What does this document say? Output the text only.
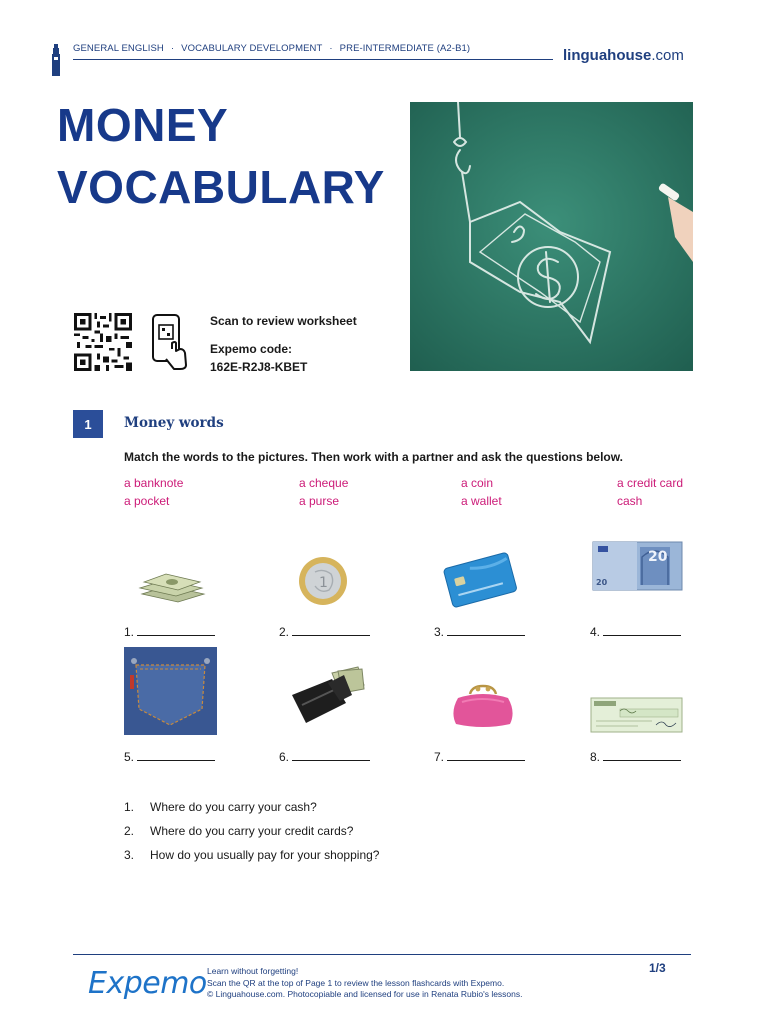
GENERAL ENGLISH · VOCABULARY DEVELOPMENT · PRE-INTERMEDIATE (A2-B1)	linguahouse.com
MONEY
VOCABULARY
Scan to review worksheet
Expemo code:
162E-R2J8-KBET
1	Money words
Match the words to the pictures. Then work with a partner and ask the questions below.
a banknote	a cheque	a coin	a credit card
a pocket	a purse	a wallet	cash
1
20
20
1.	2.	3.	4.
5.	6.	7.	8.
1. Where do you carry your cash?
2. Where do you carry your credit cards?
3. How do you usually pay for your shopping?
Expemo Learn without forgetting!
Scan the QR at the top of Page 1 to review the lesson flashcards with Expemo.
© Linguahouse.com. Photocopiable and licensed for use in Renata Rubio's lessons.
1/3
